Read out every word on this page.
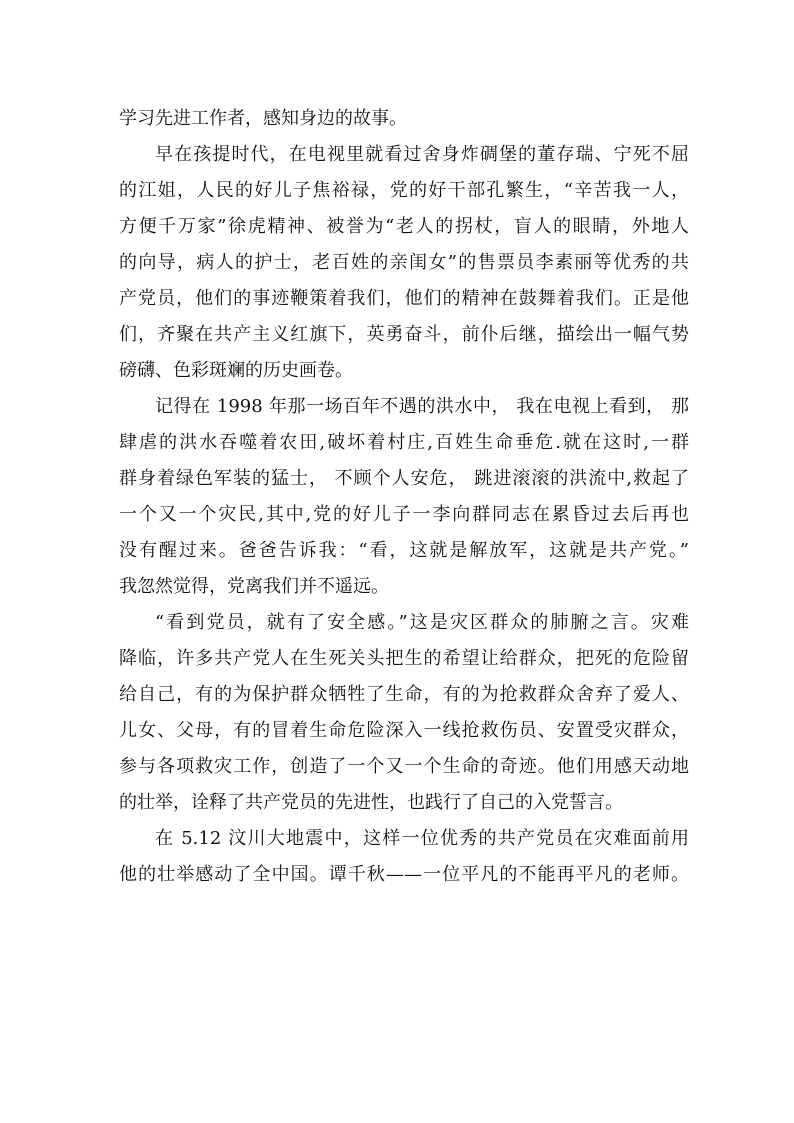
学习先进工作者，感知身边的故事。
早在孩提时代，在电视里就看过舍身炸碉堡的董存瑞、宁死不屈
的江姐，人民的好儿子焦裕禄，党的好干部孔繁生，“辛苦我一人，
方便千万家”徐虎精神、被誉为“老人的拐杖，盲人的眼睛，外地人
的向导，病人的护士，老百姓的亲闺女”的售票员李素丽等优秀的共
产党员，他们的事迹鞭策着我们，他们的精神在鼓舞着我们。正是他
们，齐聚在共产主义红旗下，英勇奋斗，前仆后继，描绘出一幅气势
磅礴、色彩斑斓的历史画卷。
记得在 1998 年那一场百年不遇的洪水中， 我在电视上看到， 那
肆虐的洪水吞噬着农田,破坏着村庄,百姓生命垂危.就在这时,一群
群身着绿色军装的猛士， 不顾个人安危， 跳进滚滚的洪流中,救起了
一个又一个灾民,其中,党的好儿子一李向群同志在累昏过去后再也
没有醒过来。爸爸告诉我：“看，这就是解放军，这就是共产党。”
我忽然觉得，党离我们并不遥远。
“看到党员，就有了安全感。”这是灾区群众的肺腑之言。灾难
降临，许多共产党人在生死关头把生的希望让给群众，把死的危险留
给自己，有的为保护群众牺牲了生命，有的为抢救群众舍弃了爱人、
儿女、父母，有的冒着生命危险深入一线抢救伤员、安置受灾群众，
参与各项救灾工作，创造了一个又一个生命的奇迹。他们用感天动地
的壮举，诠释了共产党员的先进性，也践行了自己的入党誓言。
在 5.12 汶川大地震中，这样一位优秀的共产党员在灾难面前用
他的壮举感动了全中国。谭千秋——一位平凡的不能再平凡的老师。
